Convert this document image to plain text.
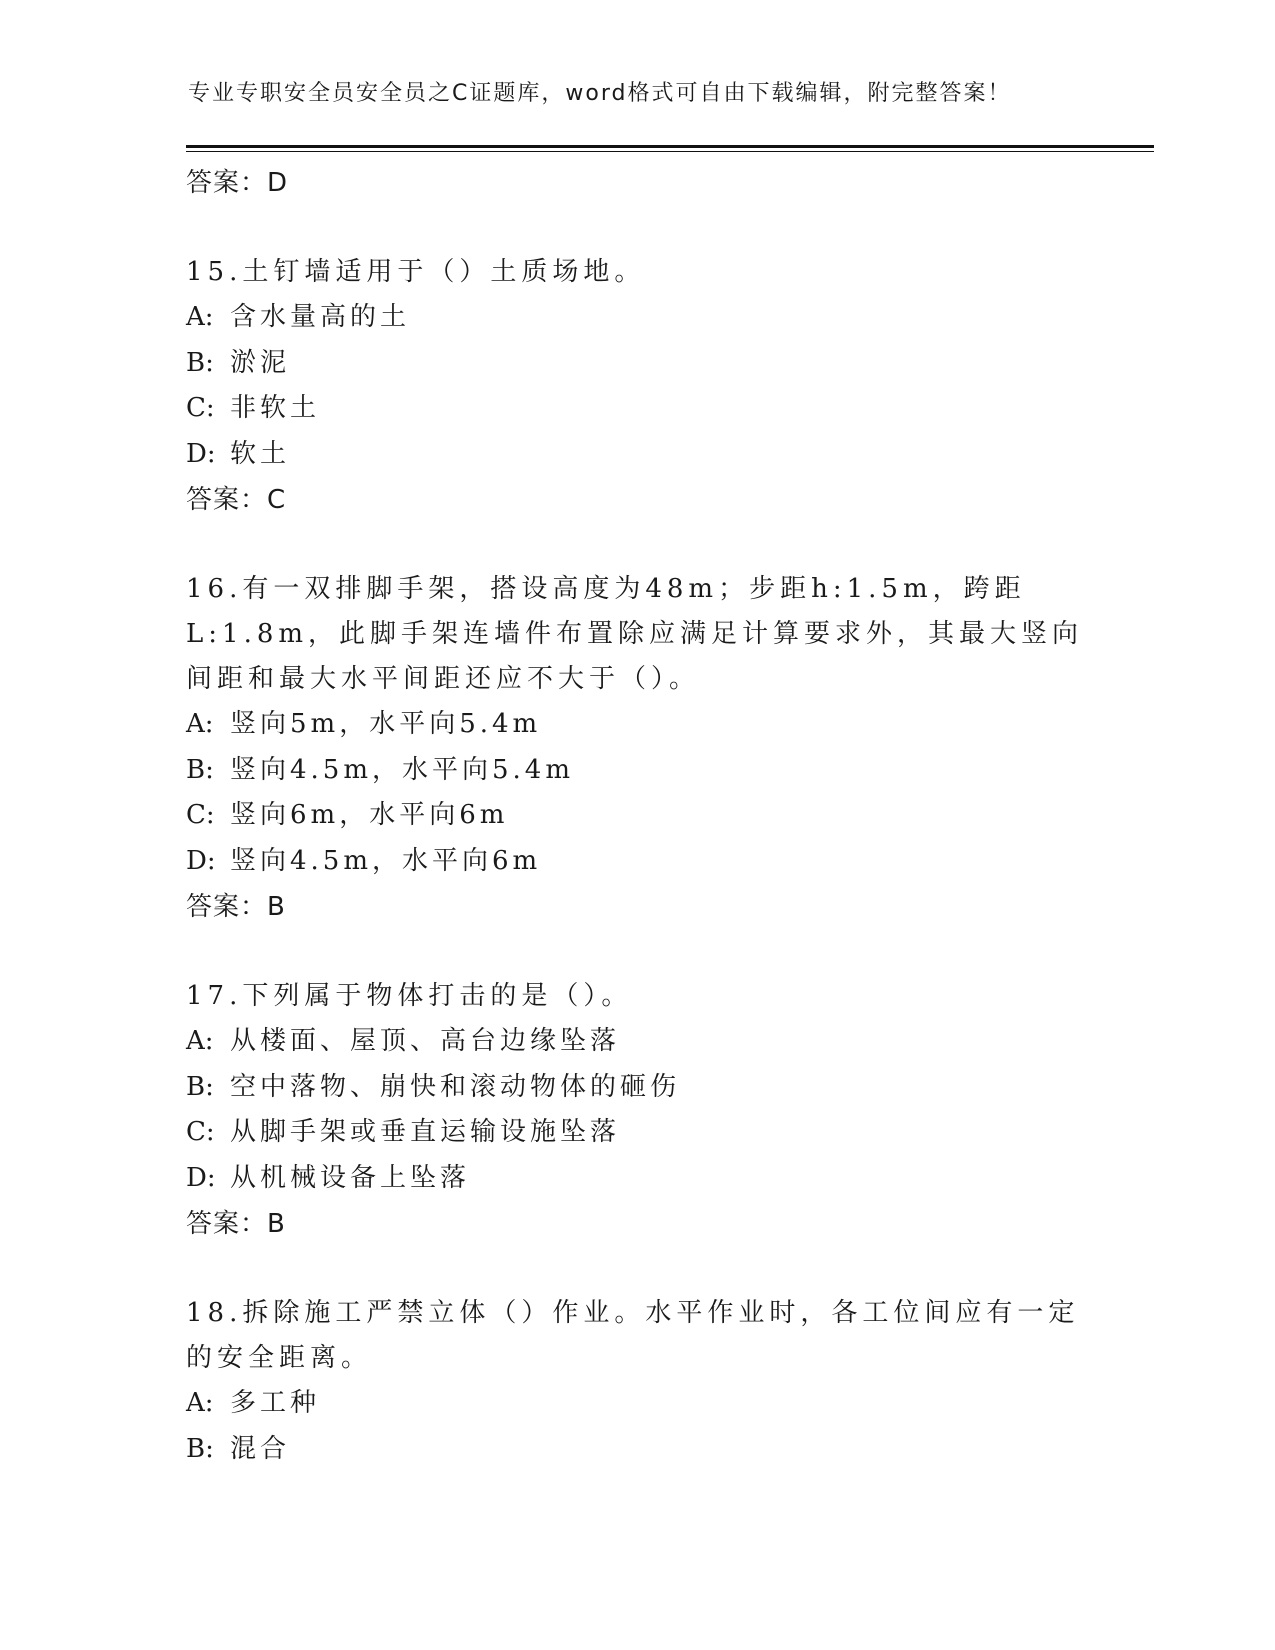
专业专职安全员安全员之C证题库，word格式可自由下载编辑，附完整答案！
答案：D
15.土钉墙适用于（）土质场地。
A: 含水量高的土
B: 淤泥
C: 非软土
D: 软土
答案：C
16.有一双排脚手架，搭设高度为48m；步距h:1.5m，跨距L:1.8m，此脚手架连墙件布置除应满足计算要求外，其最大竖向间距和最大水平间距还应不大于（）。
A: 竖向5m，水平向5.4m
B: 竖向4.5m，水平向5.4m
C: 竖向6m，水平向6m
D: 竖向4.5m，水平向6m
答案：B
17.下列属于物体打击的是（）。
A: 从楼面、屋顶、高台边缘坠落
B: 空中落物、崩快和滚动物体的砸伤
C: 从脚手架或垂直运输设施坠落
D: 从机械设备上坠落
答案：B
18.拆除施工严禁立体（）作业。水平作业时，各工位间应有一定的安全距离。
A: 多工种
B: 混合
